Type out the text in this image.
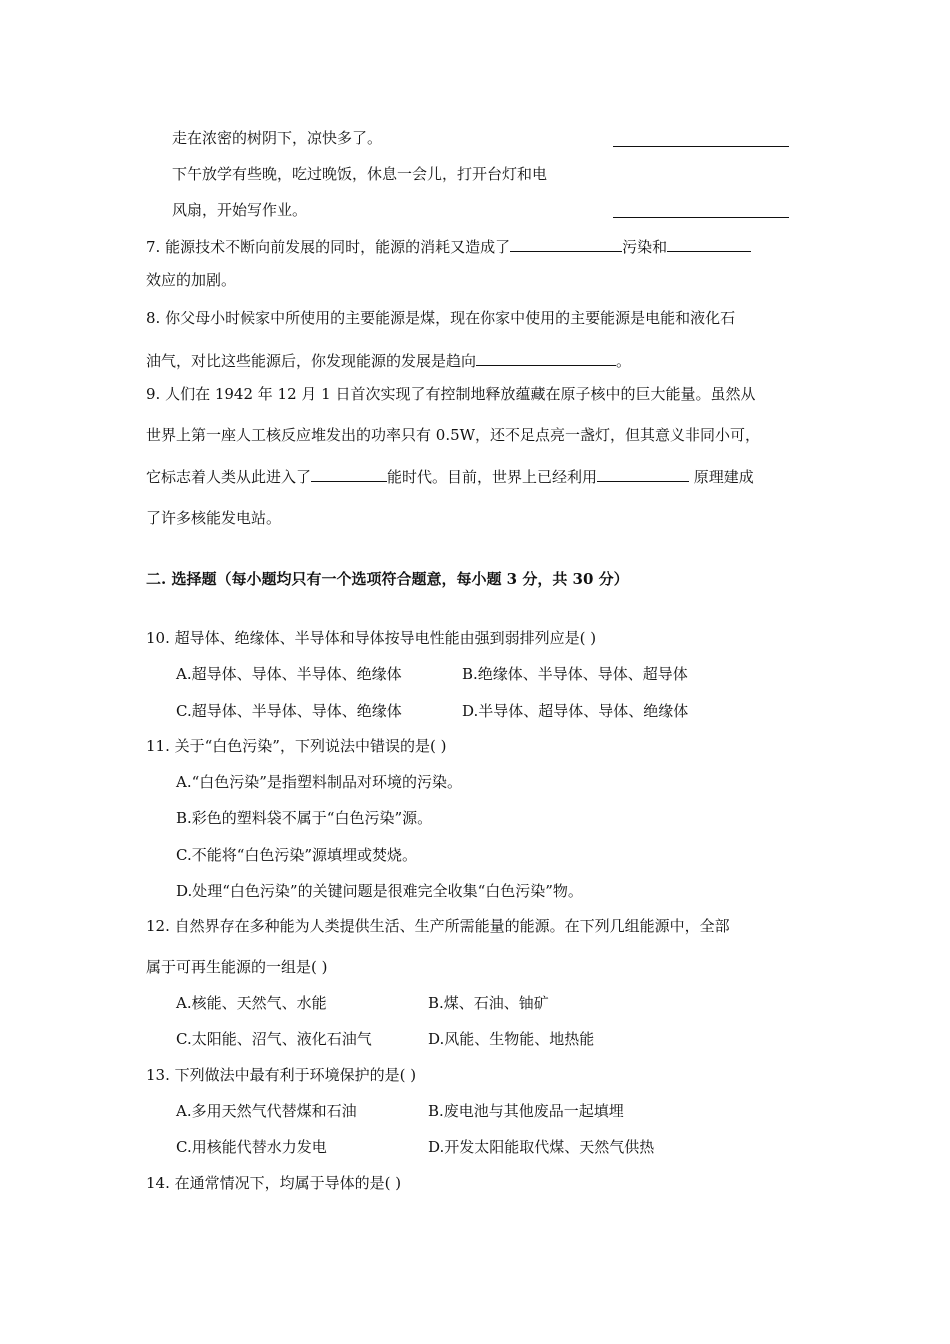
走在浓密的树阴下，凉快多了。
下午放学有些晚，吃过晚饭，休息一会儿，打开台灯和电
风扇，开始写作业。
7. 能源技术不断向前发展的同时，能源的消耗又造成了	污染和
效应的加剧。
8. 你父母小时候家中所使用的主要能源是煤，现在你家中使用的主要能源是电能和液化石
油气，对比这些能源后，你发现能源的发展是趋向	。
9. 人们在 1942 年 12 月 1 日首次实现了有控制地释放蕴藏在原子核中的巨大能量。虽然从
世界上第一座人工核反应堆发出的功率只有 0.5W，还不足点亮一盏灯，但其意义非同小可，
它标志着人类从此进入了	能时代。目前，世界上已经利用	原理建成
了许多核能发电站。
二. 选择题（每小题均只有一个选项符合题意，每小题 3 分，共 30 分）
10. 超导体、绝缘体、半导体和导体按导电性能由强到弱排列应是( )
A.超导体、导体、半导体、绝缘体	B.绝缘体、半导体、导体、超导体
C.超导体、半导体、导体、绝缘体	D.半导体、超导体、导体、绝缘体
11. 关于“白色污染”，下列说法中错误的是( )
A.“白色污染”是指塑料制品对环境的污染。
B.彩色的塑料袋不属于“白色污染”源。
C.不能将“白色污染”源填埋或焚烧。
D.处理“白色污染”的关键问题是很难完全收集“白色污染”物。
12. 自然界存在多种能为人类提供生活、生产所需能量的能源。在下列几组能源中，全部
属于可再生能源的一组是( )
A.核能、天然气、水能	B.煤、石油、铀矿
C.太阳能、沼气、液化石油气	D.风能、生物能、地热能
13. 下列做法中最有利于环境保护的是( )
A.多用天然气代替煤和石油	B.废电池与其他废品一起填埋
C.用核能代替水力发电	D.开发太阳能取代煤、天然气供热
14. 在通常情况下，均属于导体的是( )
